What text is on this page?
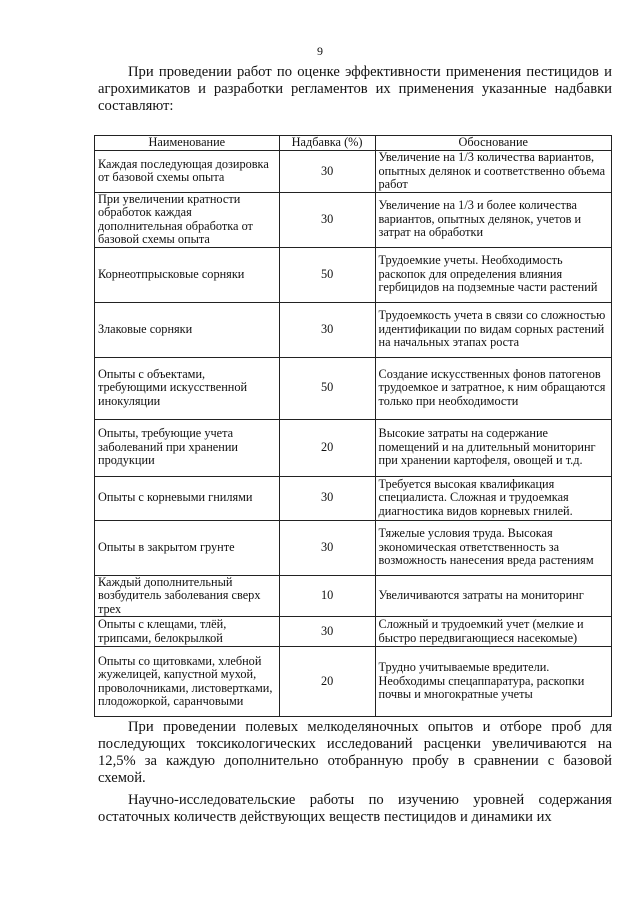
9

При проведении работ по оценке эффективности применения пестицидов и агрохимикатов и разработки регламентов их применения указанные надбавки составляют:

Наименование	Надбавка (%)	Обоснование
Каждая последующая дозировка от базовой схемы опыта	30	Увеличение на 1/3 количества вариантов, опытных делянок и соответственно объема работ
При увеличении кратности обработок каждая дополнительная обработка от базовой схемы опыта	30	Увеличение на 1/3 и более количества вариантов, опытных делянок, учетов и затрат на обработки
Корнеотпрысковые сорняки	50	Трудоемкие учеты. Необходимость раскопок для определения влияния гербицидов на подземные части растений
Злаковые сорняки	30	Трудоемкость учета в связи со сложностью идентификации по видам сорных растений на начальных этапах роста
Опыты с объектами, требующими искусственной инокуляции	50	Создание искусственных фонов патогенов трудоемкое и затратное, к ним обращаются только при необходимости
Опыты, требующие учета заболеваний при хранении продукции	20	Высокие затраты на содержание помещений и на длительный мониторинг при хранении картофеля, овощей и т.д.
Опыты с корневыми гнилями	30	Требуется высокая квалификация специалиста. Сложная и трудоемкая диагностика видов корневых гнилей.
Опыты в закрытом грунте	30	Тяжелые условия труда. Высокая экономическая ответственность за возможность нанесения вреда растениям
Каждый дополнительный возбудитель заболевания сверх трех	10	Увеличиваются затраты на мониторинг
Опыты с клещами, тлёй, трипсами, белокрылкой	30	Сложный и трудоемкий учет (мелкие и быстро передвигающиеся насекомые)
Опыты со щитовками, хлебной жужелицей, капустной мухой, проволочниками, листовертками, плодожоркой, саранчовыми	20	Трудно учитываемые вредители. Необходимы спецаппаратура, раскопки почвы и многократные учеты

При проведении полевых мелкоделяночных опытов и отборе проб для последующих токсикологических исследований расценки увеличиваются на 12,5% за каждую дополнительно отобранную пробу в сравнении с базовой схемой.

Научно-исследовательские работы по изучению уровней содержания остаточных количеств действующих веществ пестицидов и динамики их
